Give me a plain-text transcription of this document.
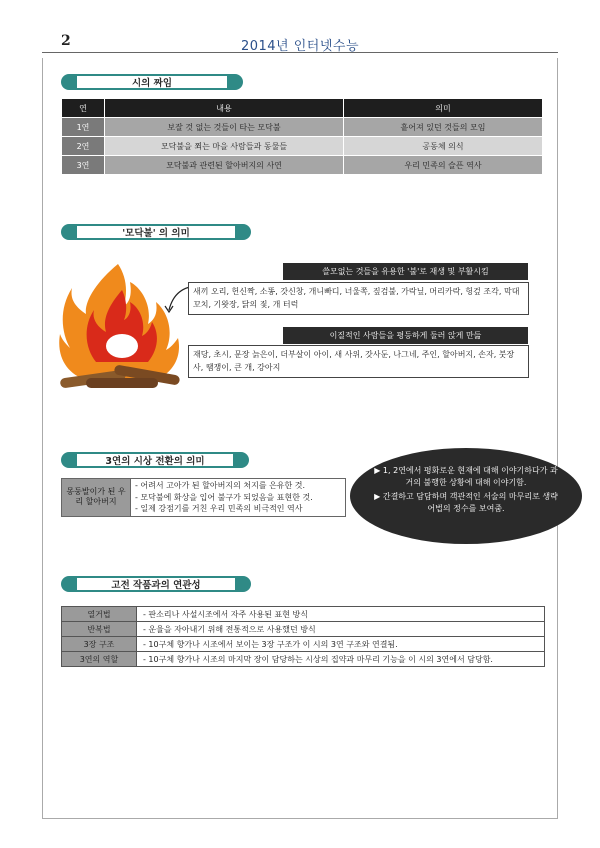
2	2014년 인터넷수능
시의 짜임
연	내용	의미
1연	보잘 것 없는 것들이 타는 모닥불	흩어져 있던 것들의 모임
2연	모닥불을 쬐는 마을 사람들과 동물들	공동체 의식
3연	모닥불과 관련된 할아버지의 사연	우리 민족의 슬픈 역사
'모닥불' 의 의미
쓸모없는 것들을 유용한 '불'로 재생 및 부활시킴
새끼 오리, 헌신짝, 소똥, 갓신창, 개니빠디, 너울쪽, 짚검불, 가락닢, 머리카락, 헝겊 조각, 막대 꼬치, 기왓장, 닭의 짗, 개 터럭
이질적인 사람들을 평등하게 둘러 앉게 만듦
재당, 초시, 문장 늙은이, 더부살이 아이, 새 사위, 갓사둔, 나그네, 주인, 할아버지, 손자, 붓장사, 땜쟁이, 큰 개, 강아지
3연의 시상 전환의 의미
몽둥발이가 된 우리 할아버지	
- 어려서 고아가 된 할아버지의 처지를 은유한 것.
- 모닥불에 화상을 입어 불구가 되었음을 표현한 것.
- 일제 강점기를 거친 우리 민족의 비극적인 역사
▶ 1, 2연에서 평화로운 현재에 대해 이야기하다가 과거의 불행한 상황에 대해 이야기함.
▶ 간결하고 담담하며 객관적인 서술의 마무리로 생략어법의 정수를 보여줌.
고전 작품과의 연관성
열거법	- 판소리나 사설시조에서 자주 사용된 표현 방식
반복법	- 운율을 자아내기 위해 전통적으로 사용했던 방식
3장 구조	- 10구체 향가나 시조에서 보이는 3장 구조가 이 시의 3연 구조와 연결됨.
3연의 역할	- 10구체 향가나 시조의 마지막 장이 담당하는 시상의 집약과 마무리 기능을 이 시의 3연에서 담당함.
